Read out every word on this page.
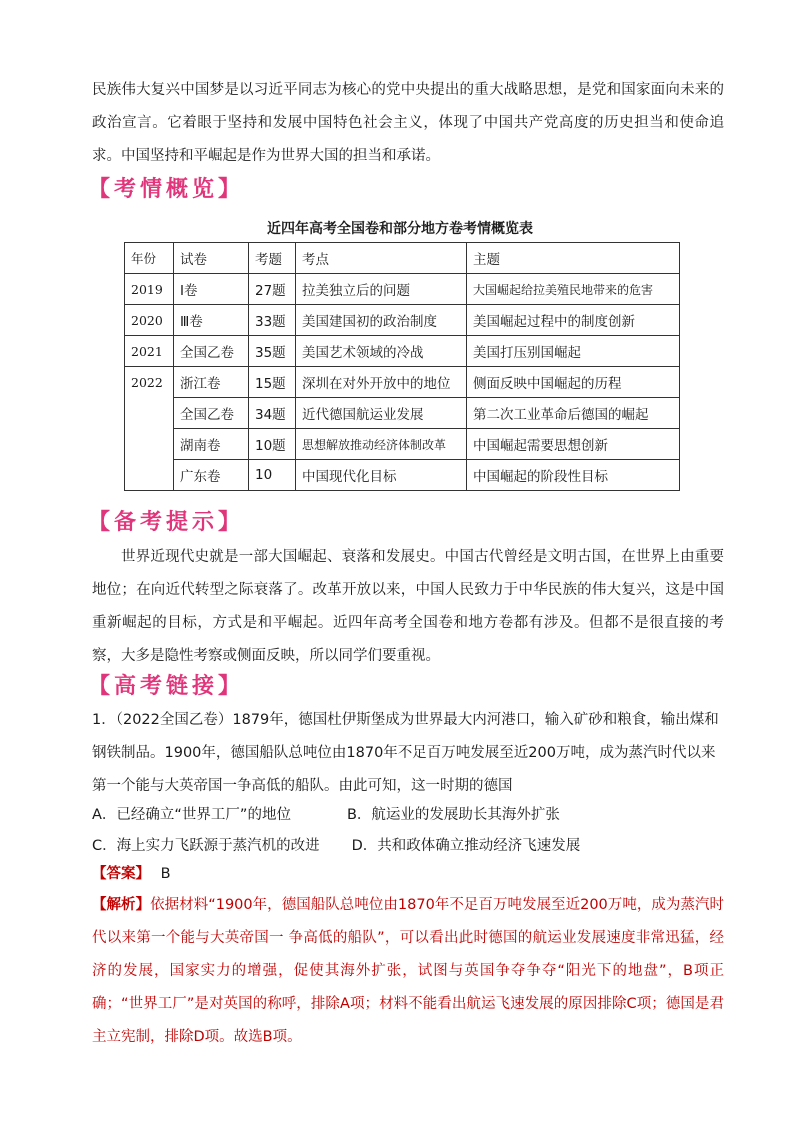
民族伟大复兴中国梦是以习近平同志为核心的党中央提出的重大战略思想，是党和国家面向未来的政治宣言。它着眼于坚持和发展中国特色社会主义，体现了中国共产党高度的历史担当和使命追求。中国坚持和平崛起是作为世界大国的担当和承诺。

【考情概览】

近四年高考全国卷和部分地方卷考情概览表

年份	试卷	考题	考点	主题
2019	Ⅰ卷	27题	拉美独立后的问题	大国崛起给拉美殖民地带来的危害
2020	Ⅲ卷	33题	美国建国初的政治制度	美国崛起过程中的制度创新
2021	全国乙卷	35题	美国艺术领域的冷战	美国打压别国崛起
2022	浙江卷	15题	深圳在对外开放中的地位	侧面反映中国崛起的历程
	全国乙卷	34题	近代德国航运业发展	第二次工业革命后德国的崛起
	湖南卷	10题	思想解放推动经济体制改革	中国崛起需要思想创新
	广东卷	10	中国现代化目标	中国崛起的阶段性目标
【备考提示】

世界近现代史就是一部大国崛起、衰落和发展史。中国古代曾经是文明古国，在世界上由重要地位；在向近代转型之际衰落了。改革开放以来，中国人民致力于中华民族的伟大复兴，这是中国重新崛起的目标，方式是和平崛起。近四年高考全国卷和地方卷都有涉及。但都不是很直接的考察，大多是隐性考察或侧面反映，所以同学们要重视。

【高考链接】

1．（2022全国乙卷）1879年，德国杜伊斯堡成为世界最大内河港口，输入矿砂和粮食，输出煤和钢铁制品。1900年，德国船队总吨位由1870年不足百万吨发展至近200万吨，成为蒸汽时代以来第一个能与大英帝国一争高低的船队。由此可知，这一时期的德国

A．已经确立“世界工厂”的地位	B．航运业的发展助长其海外扩张
C．海上实力飞跃源于蒸汽机的改进 D．共和政体确立推动经济飞速发展

【答案】 B

【解析】依据材料“1900年，德国船队总吨位由1870年不足百万吨发展至近200万吨，成为蒸汽时代以来第一个能与大英帝国一 争高低的船队”，可以看出此时德国的航运业发展速度非常迅猛，经济的发展，国家实力的增强，促使其海外扩张，试图与英国争夺争夺“阳光下的地盘”，B项正确；“世界工厂”是对英国的称呼，排除A项；材料不能看出航运飞速发展的原因排除C项；德国是君主立宪制，排除D项。故选B项。
